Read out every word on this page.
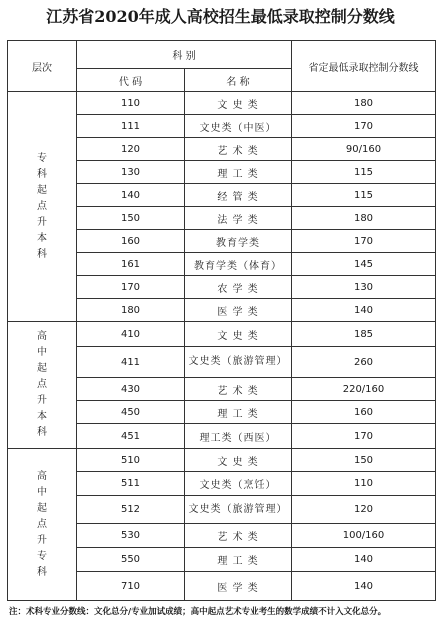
江苏省2020年成人高校招生最低录取控制分数线
层次	科 别		省定最低录取控制分数线
	代 码	名 称	
专科起点升本科	110	文 史 类	180
	111	文史类（中医）	170
	120	艺 术 类	90/160
	130	理 工 类	115
	140	经 管 类	115
	150	法 学 类	180
	160	教育学类	170
	161	教育学类（体育）	145
	170	农 学 类	130
	180	医 学 类	140
高中起点升本科	410	文 史 类	185
	411	文史类（旅游管理）	260
	430	艺 术 类	220/160
	450	理 工 类	160
	451	理工类（西医）	170
高中起点升专科	510	文 史 类	150
	511	文史类（烹饪）	110
	512	文史类（旅游管理）	120
	530	艺 术 类	100/160
	550	理 工 类	140
	710	医 学 类	140
注：术科专业分数线：文化总分/专业加试成绩；高中起点艺术专业考生的数学成绩不计入文化总分。
